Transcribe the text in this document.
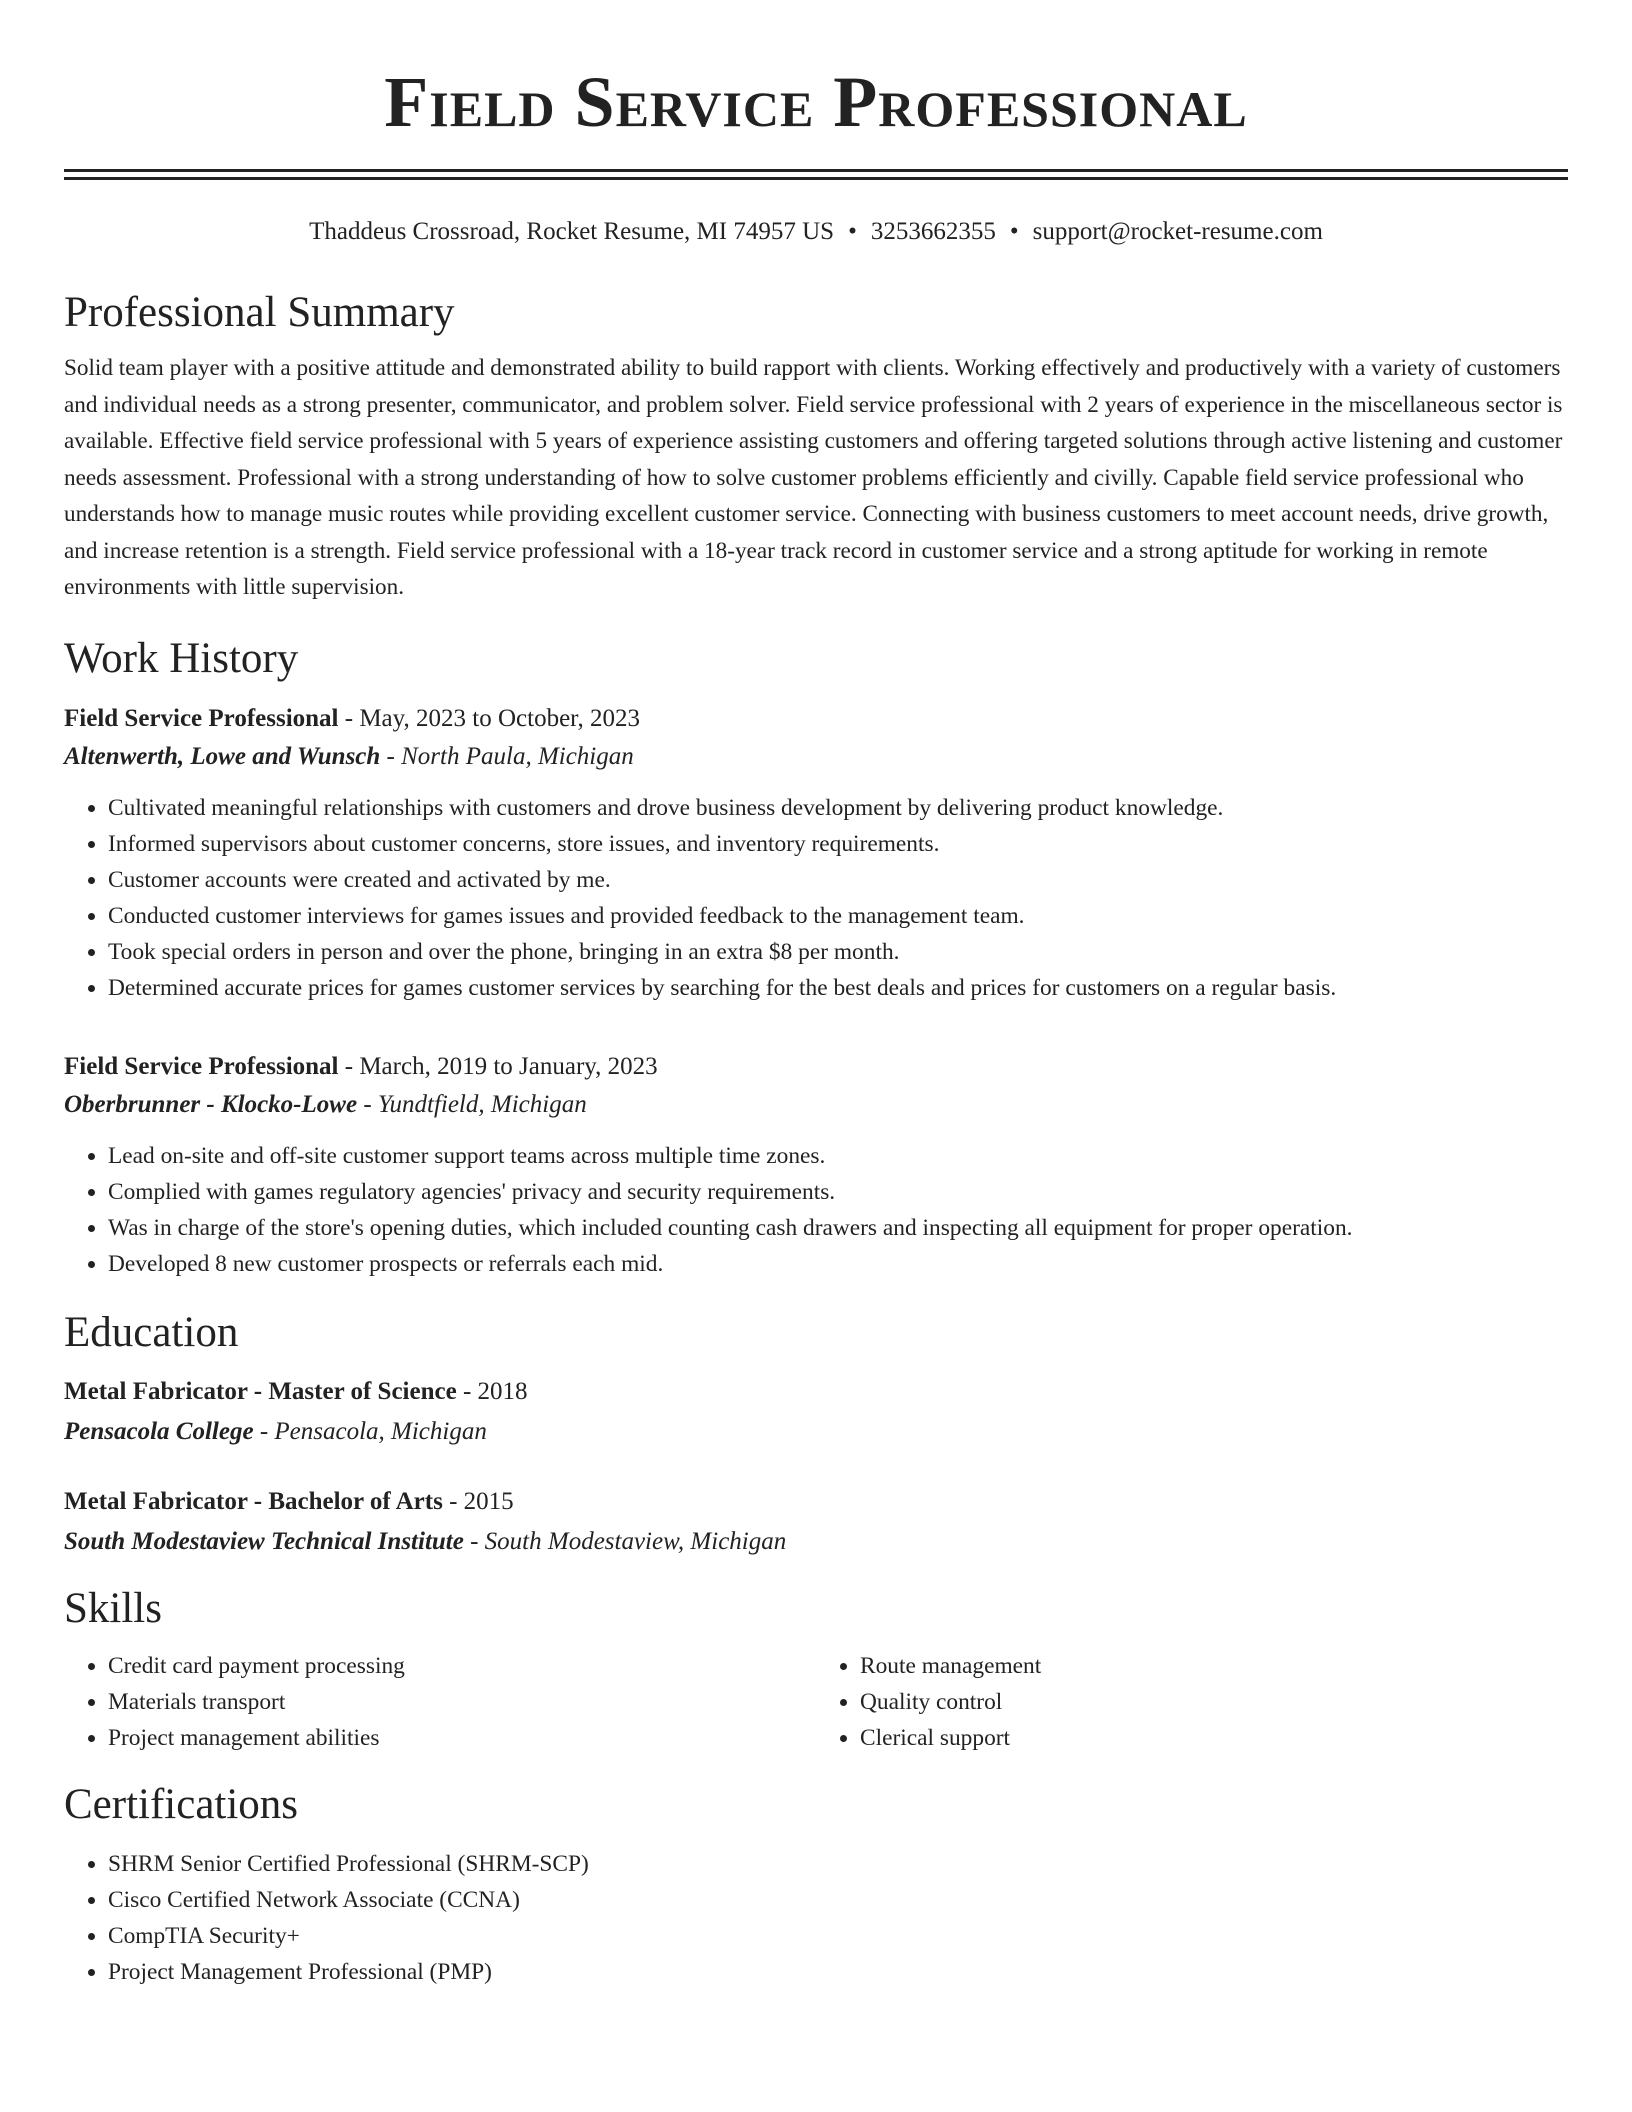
Field Service Professional
Thaddeus Crossroad, Rocket Resume, MI 74957 US • 3253662355 • support@rocket-resume.com
Professional Summary

Solid team player with a positive attitude and demonstrated ability to build rapport with clients. Working effectively and productively with a variety of customers and individual needs as a strong presenter, communicator, and problem solver. Field service professional with 2 years of experience in the miscellaneous sector is available. Effective field service professional with 5 years of experience assisting customers and offering targeted solutions through active listening and customer needs assessment. Professional with a strong understanding of how to solve customer problems efficiently and civilly. Capable field service professional who understands how to manage music routes while providing excellent customer service. Connecting with business customers to meet account needs, drive growth, and increase retention is a strength. Field service professional with a 18-year track record in customer service and a strong aptitude for working in remote environments with little supervision.

Work History
Field Service Professional - May, 2023 to October, 2023
Altenwerth, Lowe and Wunsch - North Paula, Michigan
• Cultivated meaningful relationships with customers and drove business development by delivering product knowledge.
• Informed supervisors about customer concerns, store issues, and inventory requirements.
• Customer accounts were created and activated by me.
• Conducted customer interviews for games issues and provided feedback to the management team.
• Took special orders in person and over the phone, bringing in an extra $8 per month.
• Determined accurate prices for games customer services by searching for the best deals and prices for customers on a regular basis.
Field Service Professional - March, 2019 to January, 2023
Oberbrunner - Klocko-Lowe - Yundtfield, Michigan
• Lead on-site and off-site customer support teams across multiple time zones.
• Complied with games regulatory agencies' privacy and security requirements.
• Was in charge of the store's opening duties, which included counting cash drawers and inspecting all equipment for proper operation.
• Developed 8 new customer prospects or referrals each mid.
Education
Metal Fabricator - Master of Science - 2018
Pensacola College - Pensacola, Michigan
Metal Fabricator - Bachelor of Arts - 2015
South Modestaview Technical Institute - South Modestaview, Michigan
Skills
• Credit card payment processing
• Materials transport
• Project management abilities
• Route management
• Quality control
• Clerical support
Certifications
• SHRM Senior Certified Professional (SHRM-SCP)
• Cisco Certified Network Associate (CCNA)
• CompTIA Security+
• Project Management Professional (PMP)
